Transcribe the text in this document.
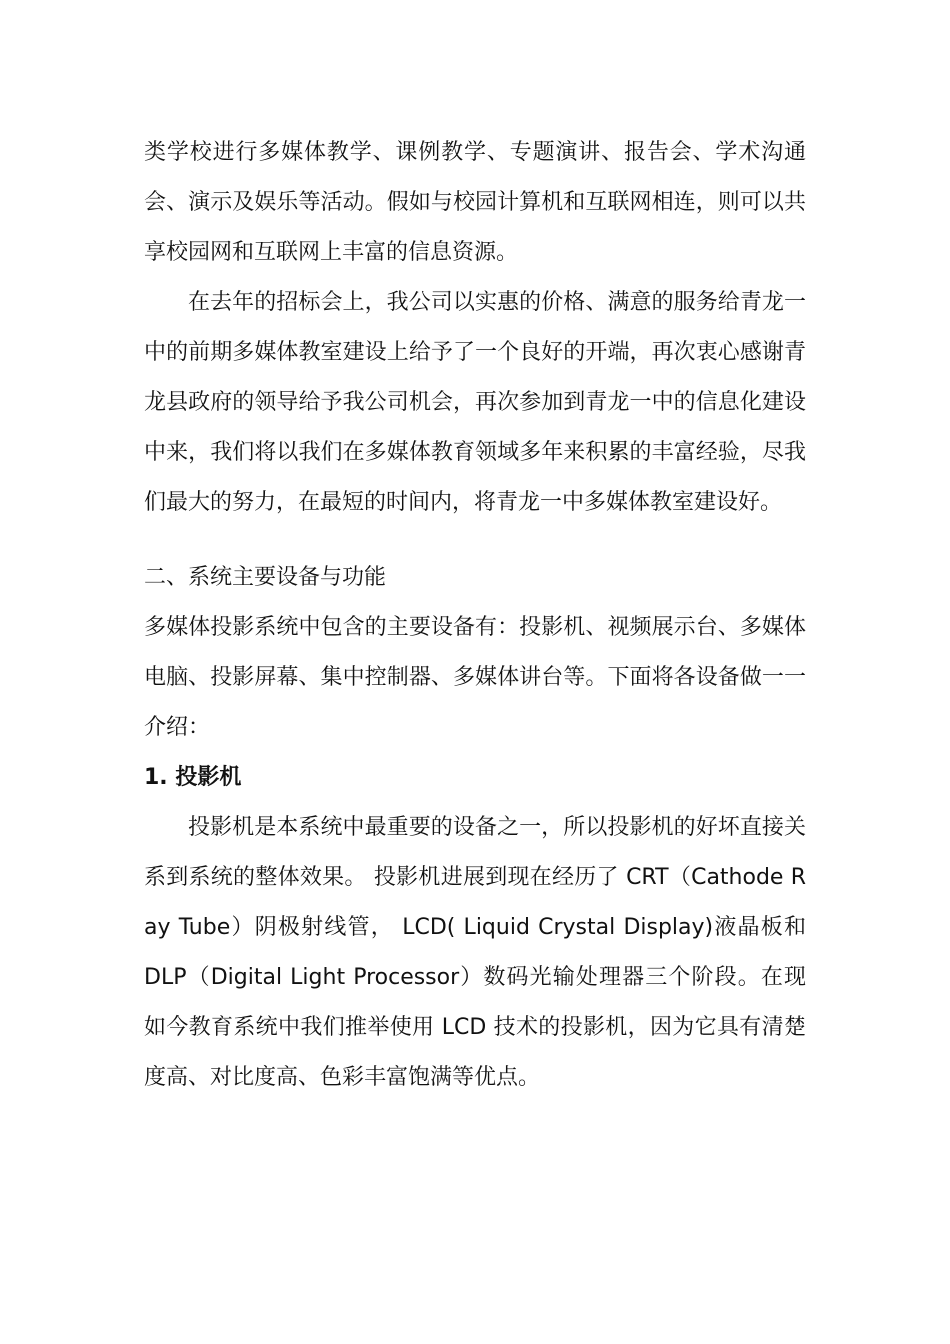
类学校进行多媒体教学、课例教学、专题演讲、报告会、学术沟通会、演示及娱乐等活动。假如与校园计算机和互联网相连，则可以共享校园网和互联网上丰富的信息资源。

在去年的招标会上，我公司以实惠的价格、满意的服务给青龙一中的前期多媒体教室建设上给予了一个良好的开端，再次衷心感谢青龙县政府的领导给予我公司机会，再次参加到青龙一中的信息化建设中来，我们将以我们在多媒体教育领域多年来积累的丰富经验，尽我们最大的努力，在最短的时间内，将青龙一中多媒体教室建设好。

二、系统主要设备与功能

多媒体投影系统中包含的主要设备有：投影机、视频展示台、多媒体电脑、投影屏幕、集中控制器、多媒体讲台等。下面将各设备做一一介绍：

1. 投影机

投影机是本系统中最重要的设备之一，所以投影机的好坏直接关系到系统的整体效果。 投影机进展到现在经历了 CRT（Cathode Ray Tube）阴极射线管， LCD( Liquid Crystal Display)液晶板和 DLP（Digital Light Processor）数码光输处理器三个阶段。在现如今教育系统中我们推举使用 LCD 技术的投影机，因为它具有清楚度高、对比度高、色彩丰富饱满等优点。
